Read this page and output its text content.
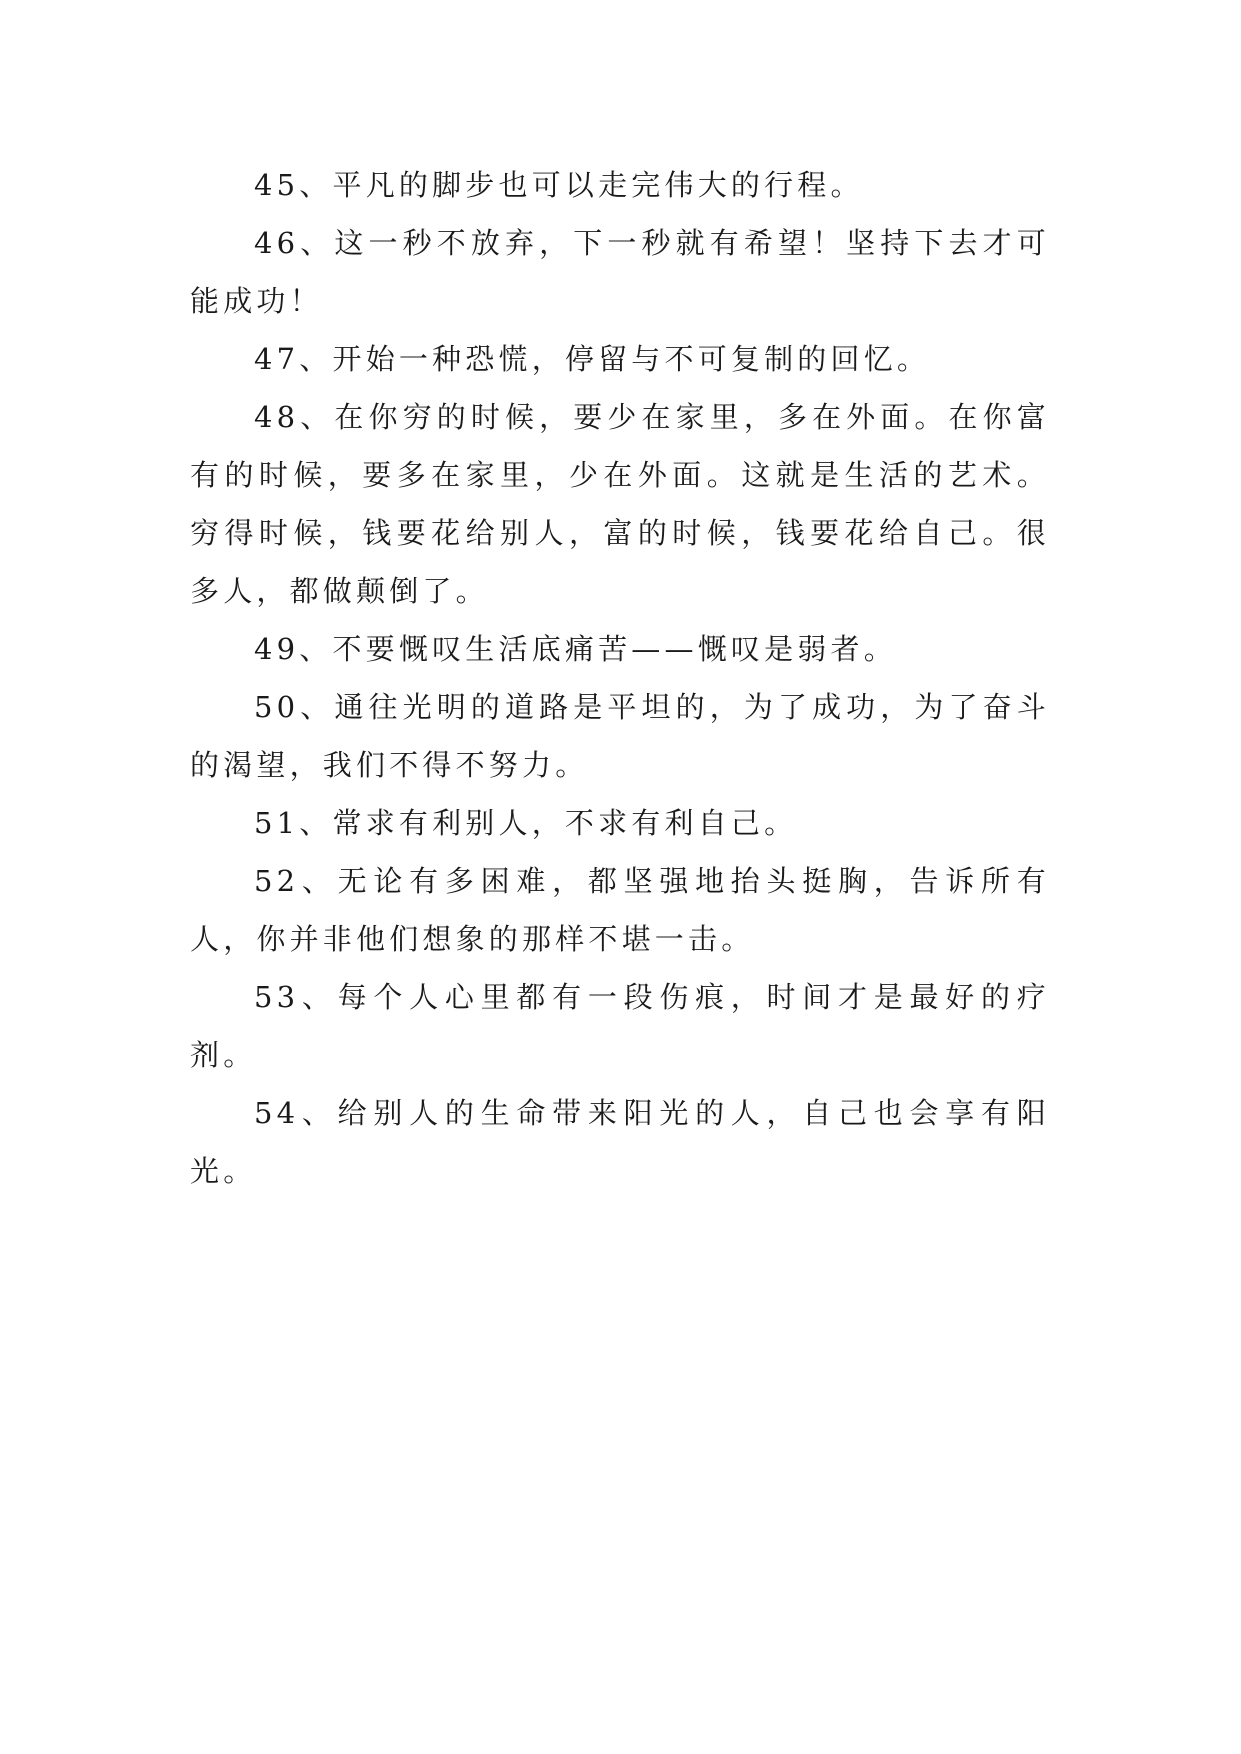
45、平凡的脚步也可以走完伟大的行程。

46、这一秒不放弃，下一秒就有希望！坚持下去才可能成功！

47、开始一种恐慌，停留与不可复制的回忆。

48、在你穷的时候，要少在家里，多在外面。在你富有的时候，要多在家里，少在外面。这就是生活的艺术。穷得时候，钱要花给别人，富的时候，钱要花给自己。很多人，都做颠倒了。

49、不要慨叹生活底痛苦——慨叹是弱者。

50、通往光明的道路是平坦的，为了成功，为了奋斗的渴望，我们不得不努力。

51、常求有利别人，不求有利自己。

52、无论有多困难，都坚强地抬头挺胸，告诉所有人，你并非他们想象的那样不堪一击。

53、每个人心里都有一段伤痕，时间才是最好的疗剂。

54、给别人的生命带来阳光的人，自己也会享有阳光。
